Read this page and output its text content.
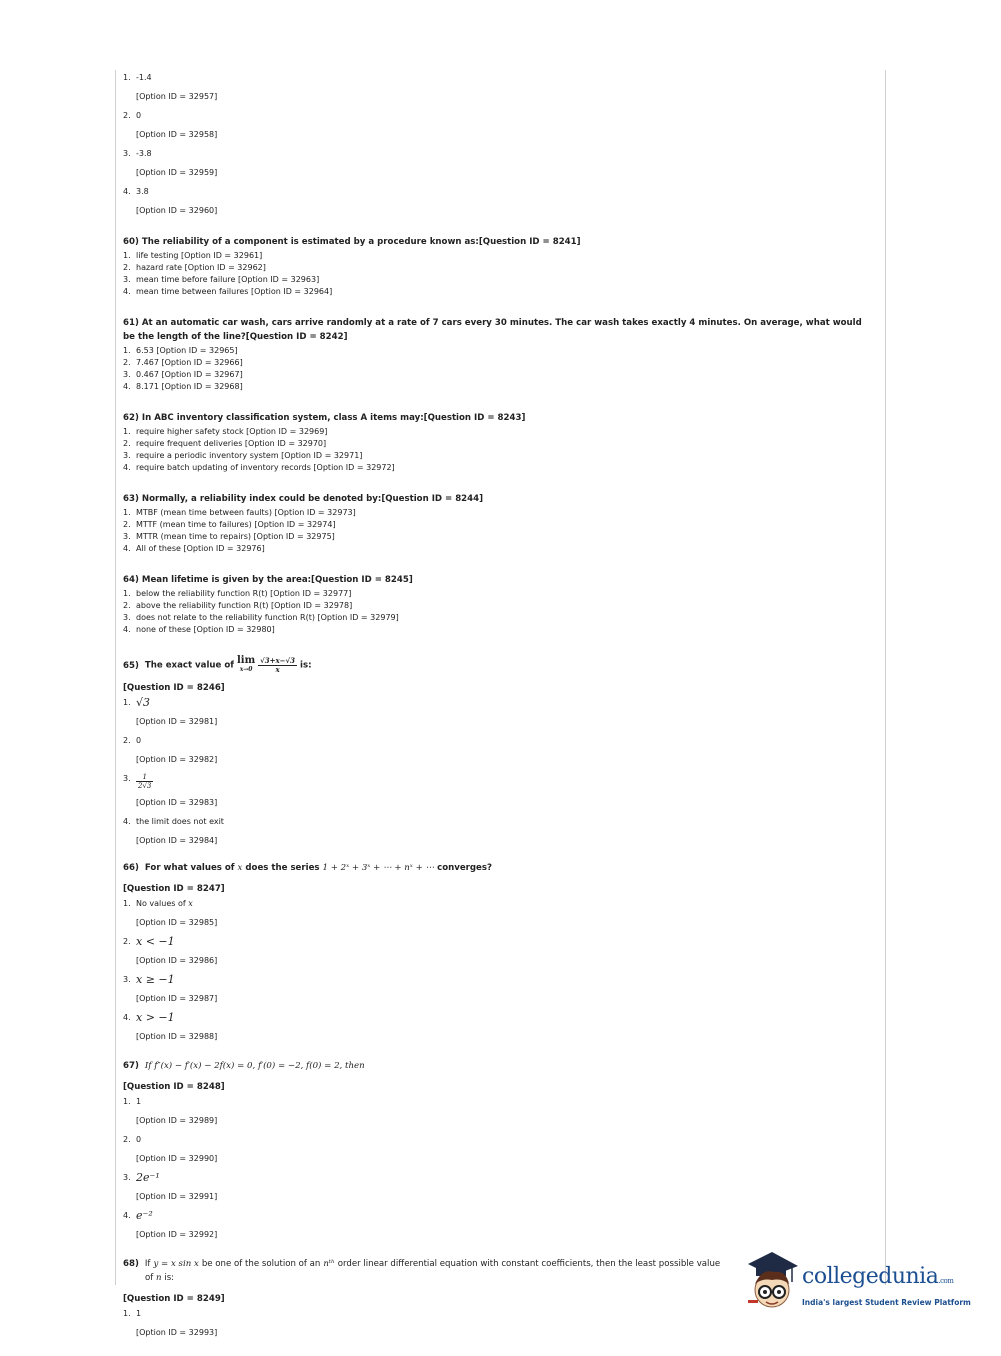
1. -1.4
[Option ID = 32957]
2. 0
[Option ID = 32958]
3. -3.8
[Option ID = 32959]
4. 3.8
[Option ID = 32960]
60) The reliability of a component is estimated by a procedure known as:[Question ID = 8241]
1. life testing [Option ID = 32961]
2. hazard rate [Option ID = 32962]
3. mean time before failure [Option ID = 32963]
4. mean time between failures [Option ID = 32964]
61) At an automatic car wash, cars arrive randomly at a rate of 7 cars every 30 minutes. The car wash takes exactly 4 minutes. On average, what would be the length of the line?[Question ID = 8242]
1. 6.53 [Option ID = 32965]
2. 7.467 [Option ID = 32966]
3. 0.467 [Option ID = 32967]
4. 8.171 [Option ID = 32968]
62) In ABC inventory classification system, class A items may:[Question ID = 8243]
1. require higher safety stock [Option ID = 32969]
2. require frequent deliveries [Option ID = 32970]
3. require a periodic inventory system [Option ID = 32971]
4. require batch updating of inventory records [Option ID = 32972]
63) Normally, a reliability index could be denoted by:[Question ID = 8244]
1. MTBF (mean time between faults) [Option ID = 32973]
2. MTTF (mean time to failures) [Option ID = 32974]
3. MTTR (mean time to repairs) [Option ID = 32975]
4. All of these [Option ID = 32976]
64) Mean lifetime is given by the area:[Question ID = 8245]
1. below the reliability function R(t) [Option ID = 32977]
2. above the reliability function R(t) [Option ID = 32978]
3. does not relate to the reliability function R(t) [Option ID = 32979]
4. none of these [Option ID = 32980]
65) The exact value of lim
x→0
$\frac{√3+x-√3}{x}$ is:
[Question ID = 8246]
1. √3
[Option ID = 32981]
2. 0
[Option ID = 32982]
3. $\frac{1}{2√3}$
[Option ID = 32983]
4. the limit does not exit
[Option ID = 32984]
66) For what values of x does the series 1 + 2ˣ + 3ˣ + ⋯ + nˣ + ⋯ converges?
[Question ID = 8247]
1. No values of x
[Option ID = 32985]
2. x < −1
[Option ID = 32986]
3. x ≥ −1
[Option ID = 32987]
4. x > −1
[Option ID = 32988]
67) If f″(x) − f′(x) − 2f(x) = 0, f′(0) = −2, f(0) = 2, then
[Question ID = 8248]
1. 1
[Option ID = 32989]
2. 0
[Option ID = 32990]
3. 2e⁻¹
[Option ID = 32991]
4. e⁻²
[Option ID = 32992]
68) If y = x sin x be one of the solution of an nᵗʰ order linear differential equation with constant coefficients, then the least possible value
of n is:
[Question ID = 8249]
1. 1
[Option ID = 32993]
collegedunia.com
India's largest Student Review Platform
